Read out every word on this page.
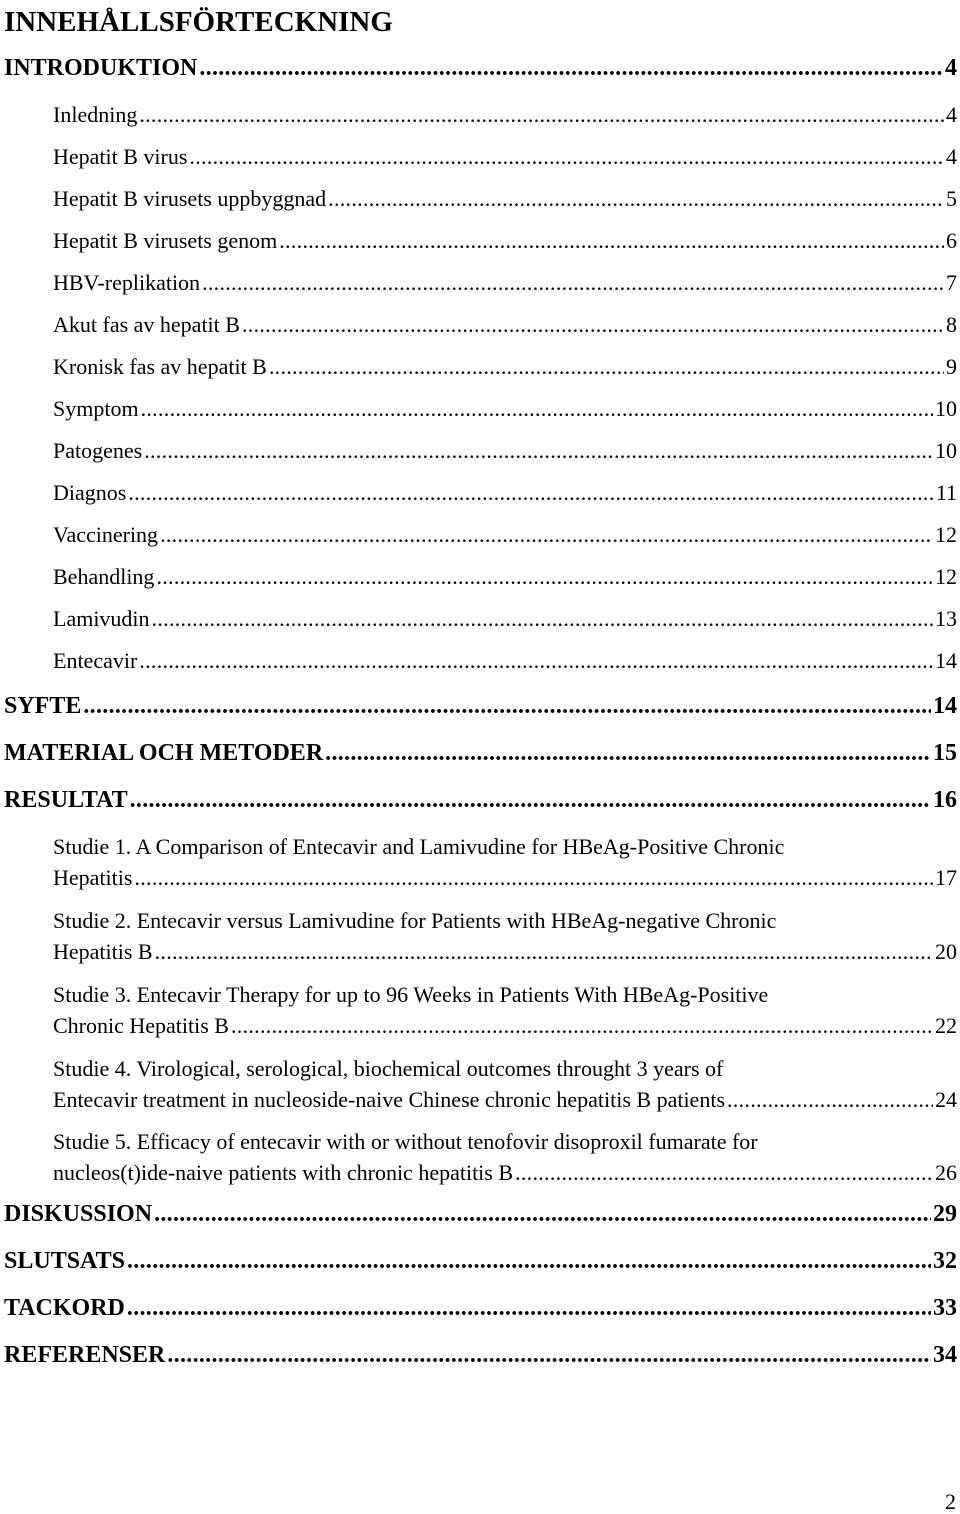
INNEHÅLLSFÖRTECKNING
INTRODUKTION .....	4
Inledning .....	4
Hepatit B virus .....	4
Hepatit B virusets uppbyggnad .....	5
Hepatit B virusets genom .....	6
HBV-replikation .....	7
Akut fas av hepatit B .....	8
Kronisk fas av hepatit B .....	9
Symptom .....	10
Patogenes .....	10
Diagnos .....	11
Vaccinering .....	12
Behandling .....	12
Lamivudin .....	13
Entecavir .....	14
SYFTE .....	14
MATERIAL OCH METODER .....	15
RESULTAT .....	16
Studie 1. A Comparison of Entecavir and Lamivudine for HBeAg-Positive Chronic
Hepatitis .....	17
Studie 2. Entecavir versus Lamivudine for Patients with HBeAg-negative Chronic
Hepatitis B .....	20
Studie 3. Entecavir Therapy for up to 96 Weeks in Patients With HBeAg-Positive
Chronic Hepatitis B .....	22
Studie 4. Virological, serological, biochemical outcomes throught 3 years of
Entecavir treatment in nucleoside-naive Chinese chronic hepatitis B patients .....	24
Studie 5. Efficacy of entecavir with or without tenofovir disoproxil fumarate for
nucleos(t)ide-naive patients with chronic hepatitis B .....	26
DISKUSSION .....	29
SLUTSATS .....	32
TACKORD .....	33
REFERENSER .....	34
2
